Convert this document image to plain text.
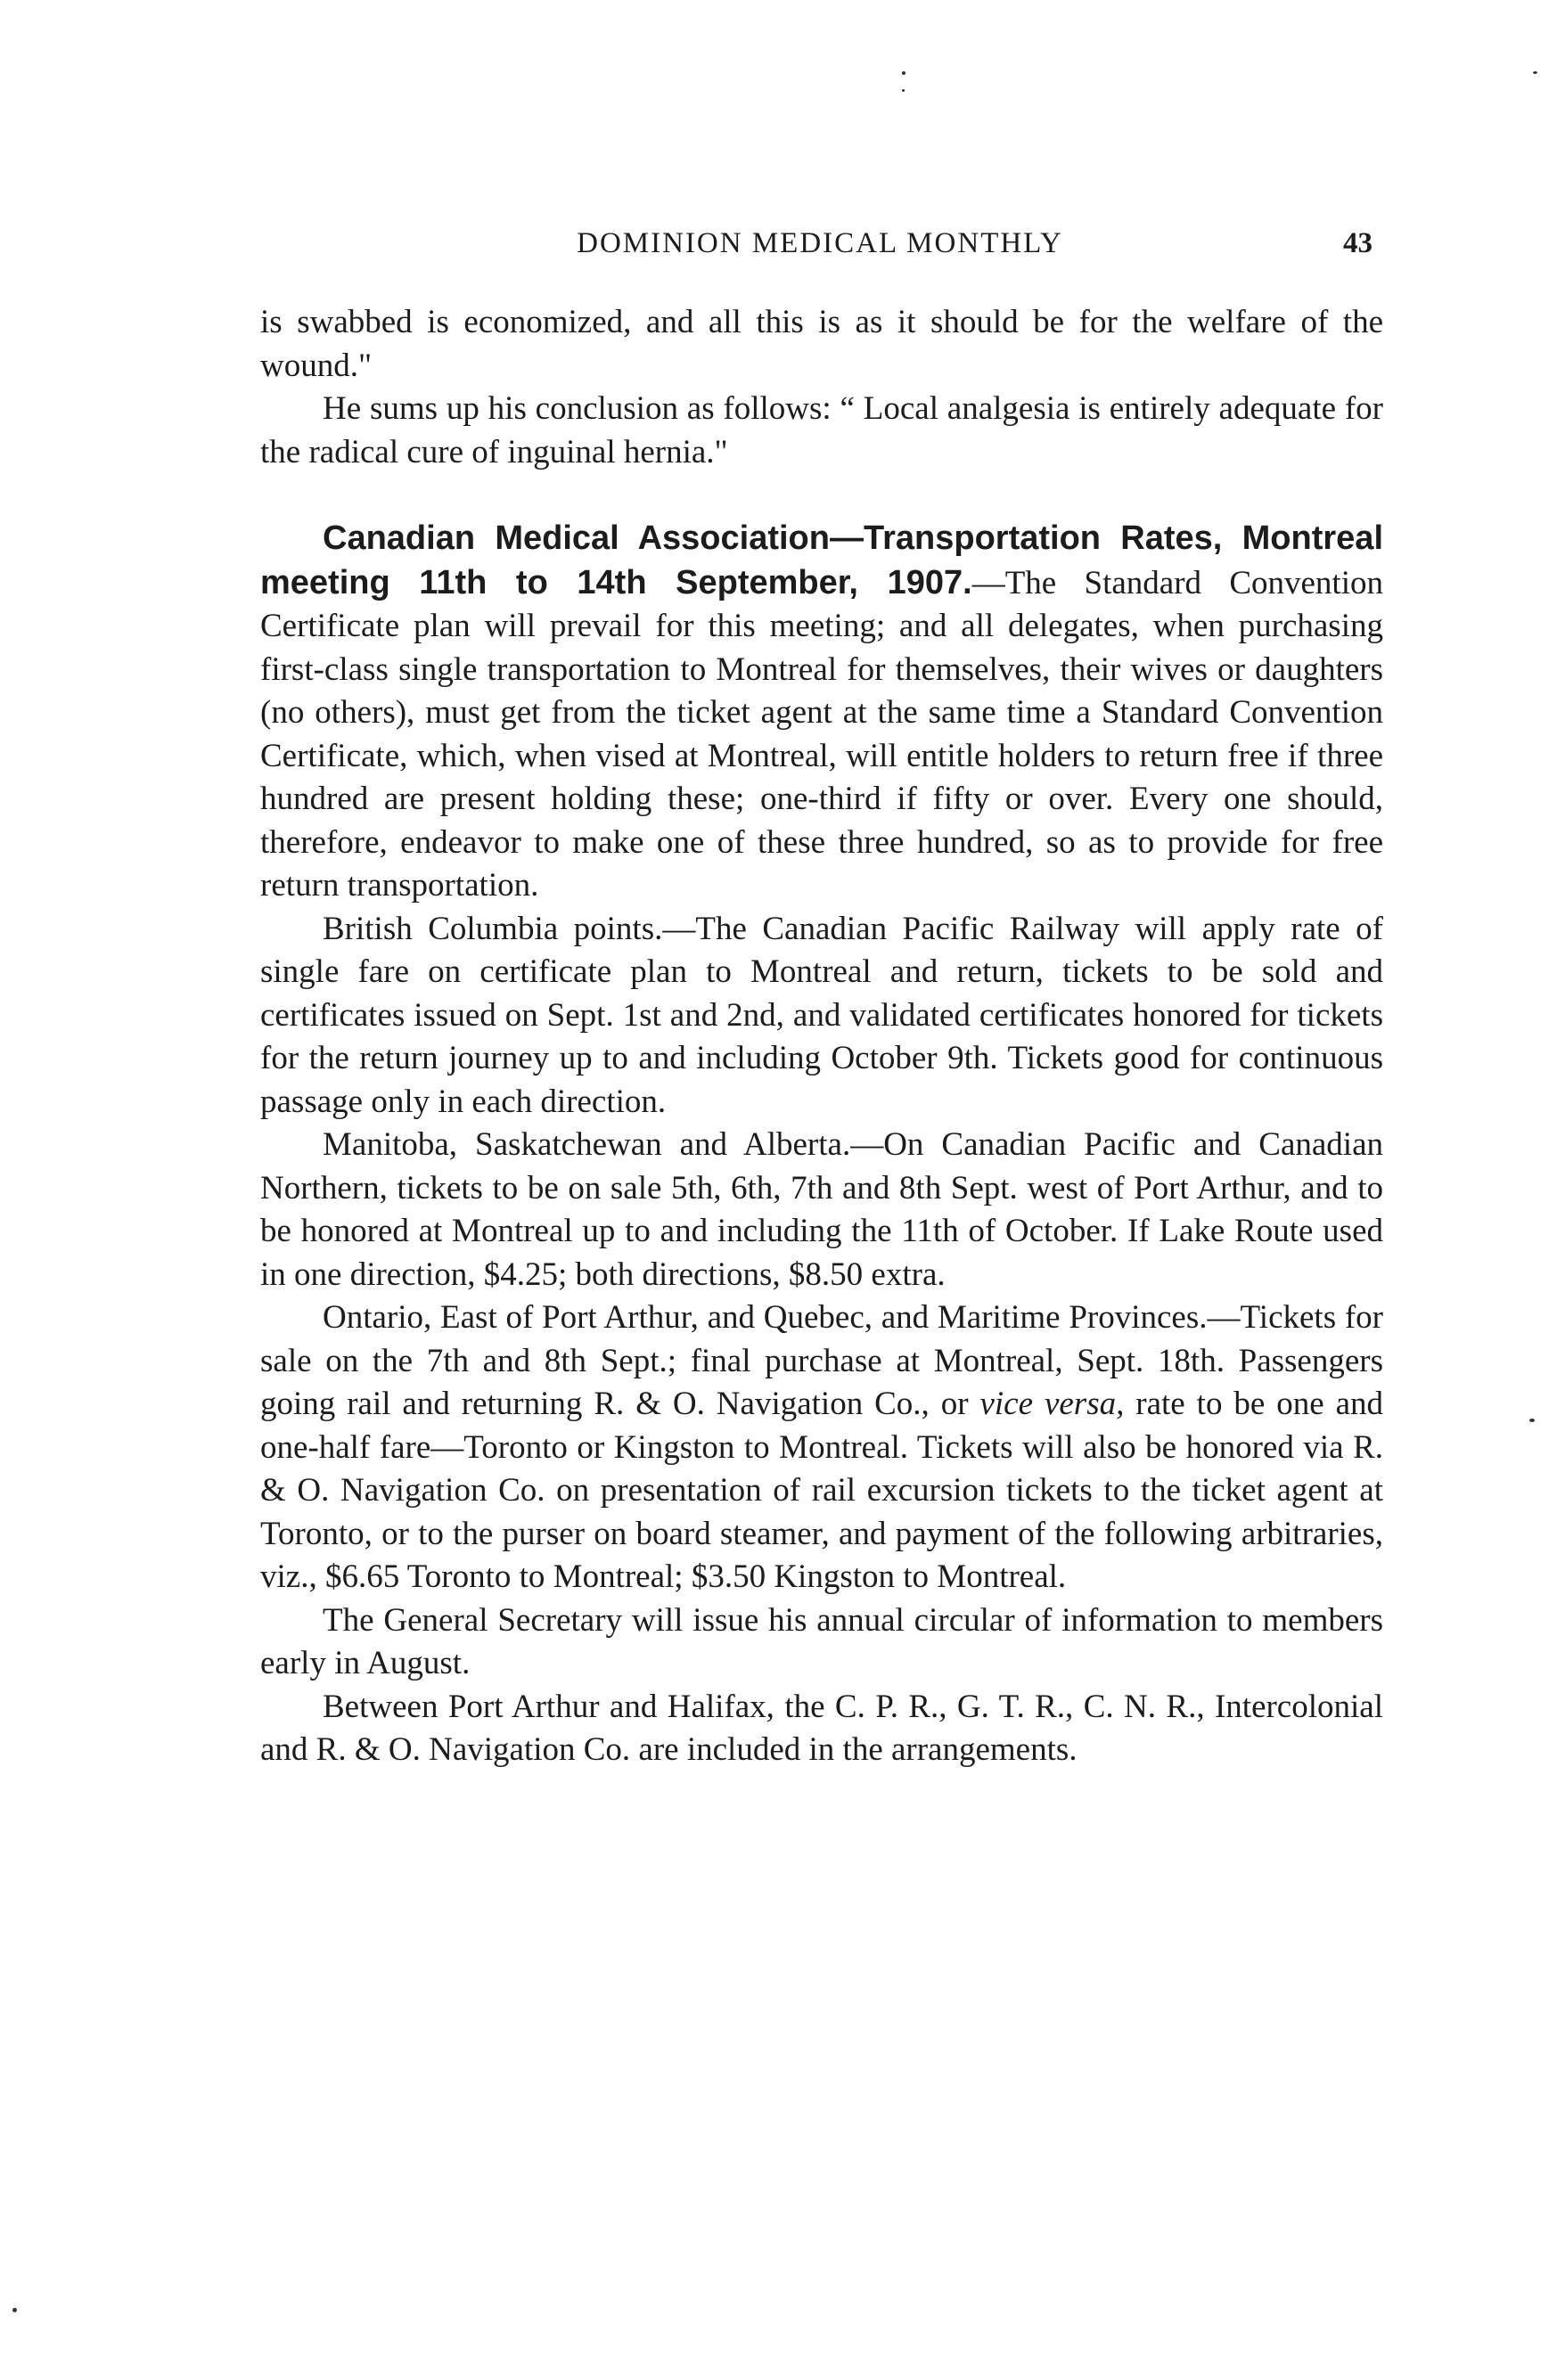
DOMINION MEDICAL MONTHLY	43

is swabbed is economized, and all this is as it should be for the welfare of the wound."

He sums up his conclusion as follows: “ Local analgesia is entirely adequate for the radical cure of inguinal hernia."

Canadian Medical Association—Transportation Rates, Montreal meeting 11th to 14th September, 1907.—The Standard Convention Certificate plan will prevail for this meeting; and all delegates, when purchasing first-class single transportation to Montreal for themselves, their wives or daughters (no others), must get from the ticket agent at the same time a Standard Convention Certificate, which, when vised at Montreal, will entitle holders to return free if three hundred are present holding these; one-third if fifty or over. Every one should, therefore, endeavor to make one of these three hundred, so as to provide for free return transportation.

British Columbia points.—The Canadian Pacific Railway will apply rate of single fare on certificate plan to Montreal and return, tickets to be sold and certificates issued on Sept. 1st and 2nd, and validated certificates honored for tickets for the return journey up to and including October 9th. Tickets good for continuous passage only in each direction.

Manitoba, Saskatchewan and Alberta.—On Canadian Pacific and Canadian Northern, tickets to be on sale 5th, 6th, 7th and 8th Sept. west of Port Arthur, and to be honored at Montreal up to and including the 11th of October. If Lake Route used in one direction, $4.25; both directions, $8.50 extra.

Ontario, East of Port Arthur, and Quebec, and Maritime Provinces.—Tickets for sale on the 7th and 8th Sept.; final purchase at Montreal, Sept. 18th. Passengers going rail and returning R. & O. Navigation Co., or vice versa, rate to be one and one-half fare—Toronto or Kingston to Montreal. Tickets will also be honored via R. & O. Navigation Co. on presentation of rail excursion tickets to the ticket agent at Toronto, or to the purser on board steamer, and payment of the following arbitraries, viz., $6.65 Toronto to Montreal; $3.50 Kingston to Montreal.

The General Secretary will issue his annual circular of information to members early in August.

Between Port Arthur and Halifax, the C. P. R., G. T. R., C. N. R., Intercolonial and R. & O. Navigation Co. are included in the arrangements.
